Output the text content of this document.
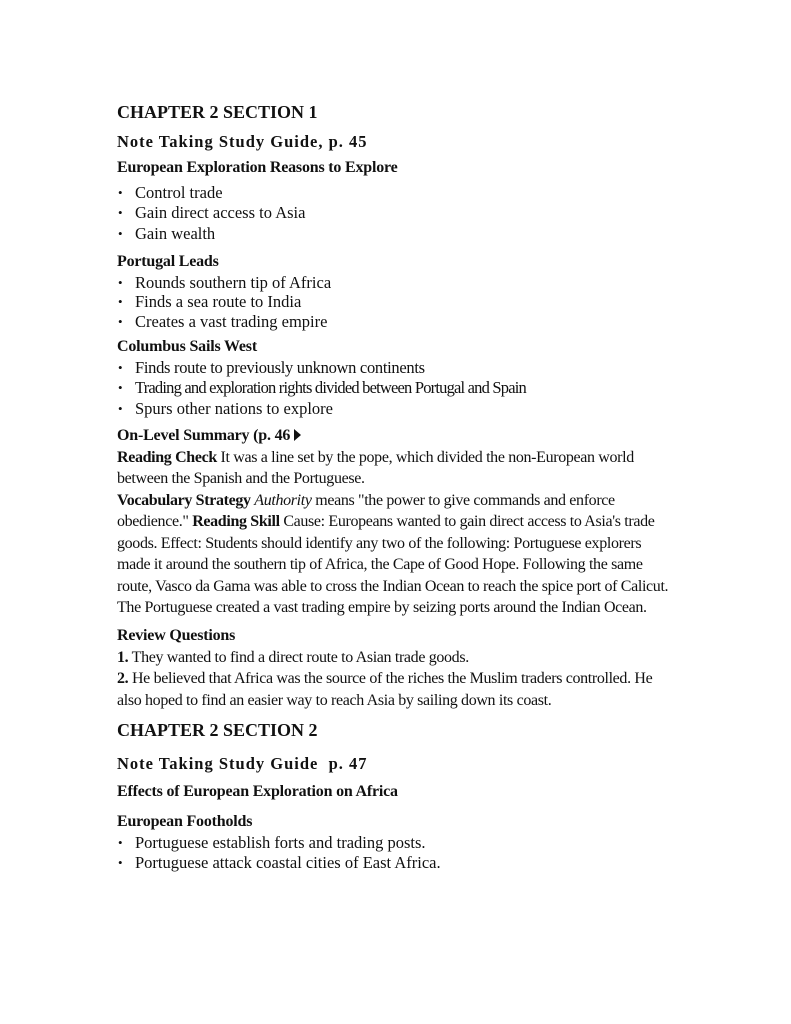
CHAPTER 2 SECTION 1

Note Taking Study Guide, p. 45

European Exploration Reasons to Explore

• Control trade
• Gain direct access to Asia
• Gain wealth

Portugal Leads

• Rounds southern tip of Africa
• Finds a sea route to India
• Creates a vast trading empire

Columbus Sails West

• Finds route to previously unknown continents
• Trading and exploration rights divided between Portugal and Spain
• Spurs other nations to explore

On-Level Summary (p. 46

Reading Check It was a line set by the pope, which divided the non-European world between the Spanish and the Portuguese.

Vocabulary Strategy Authority means "the power to give commands and enforce obedience." Reading Skill Cause: Europeans wanted to gain direct access to Asia's trade goods. Effect: Students should identify any two of the following: Portuguese explorers made it around the southern tip of Africa, the Cape of Good Hope. Following the same route, Vasco da Gama was able to cross the Indian Ocean to reach the spice port of Calicut. The Portuguese created a vast trading empire by seizing ports around the Indian Ocean.

Review Questions

1. They wanted to find a direct route to Asian trade goods.

2. He believed that Africa was the source of the riches the Muslim traders controlled. He also hoped to find an easier way to reach Asia by sailing down its coast.

CHAPTER 2 SECTION 2

Note Taking Study Guide  p. 47

Effects of European Exploration on Africa

European Footholds

• Portuguese establish forts and trading posts.
• Portuguese attack coastal cities of East Africa.
